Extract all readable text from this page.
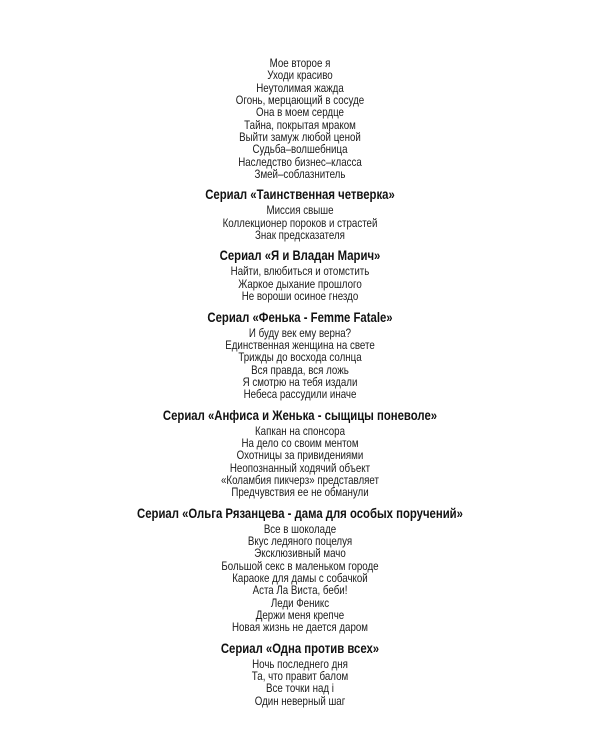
Мое второе я
Уходи красиво
Неутолимая жажда
Огонь, мерцающий в сосуде
Она в моем сердце
Тайна, покрытая мраком
Выйти замуж любой ценой
Судьба–волшебница
Наследство бизнес–класса
Змей–соблазнитель
Сериал «Таинственная четверка»
Миссия свыше
Коллекционер пороков и страстей
Знак предсказателя
Сериал «Я и Владан Марич»
Найти, влюбиться и отомстить
Жаркое дыхание прошлого
Не вороши осиное гнездо
Сериал «Фенька - Femme Fatale»
И буду век ему верна?
Единственная женщина на свете
Трижды до восхода солнца
Вся правда, вся ложь
Я смотрю на тебя издали
Небеса рассудили иначе
Сериал «Анфиса и Женька - сыщицы поневоле»
Капкан на спонсора
На дело со своим ментом
Охотницы за привидениями
Неопознанный ходячий объект
«Коламбия пикчерз» представляет
Предчувствия ее не обманули
Сериал «Ольга Рязанцева - дама для особых поручений»
Все в шоколаде
Вкус ледяного поцелуя
Эксклюзивный мачо
Большой секс в маленьком городе
Караоке для дамы с собачкой
Аста Ла Виста, беби!
Леди Феникс
Держи меня крепче
Новая жизнь не дается даром
Сериал «Одна против всех»
Ночь последнего дня
Та, что правит балом
Все точки над i
Один неверный шаг
